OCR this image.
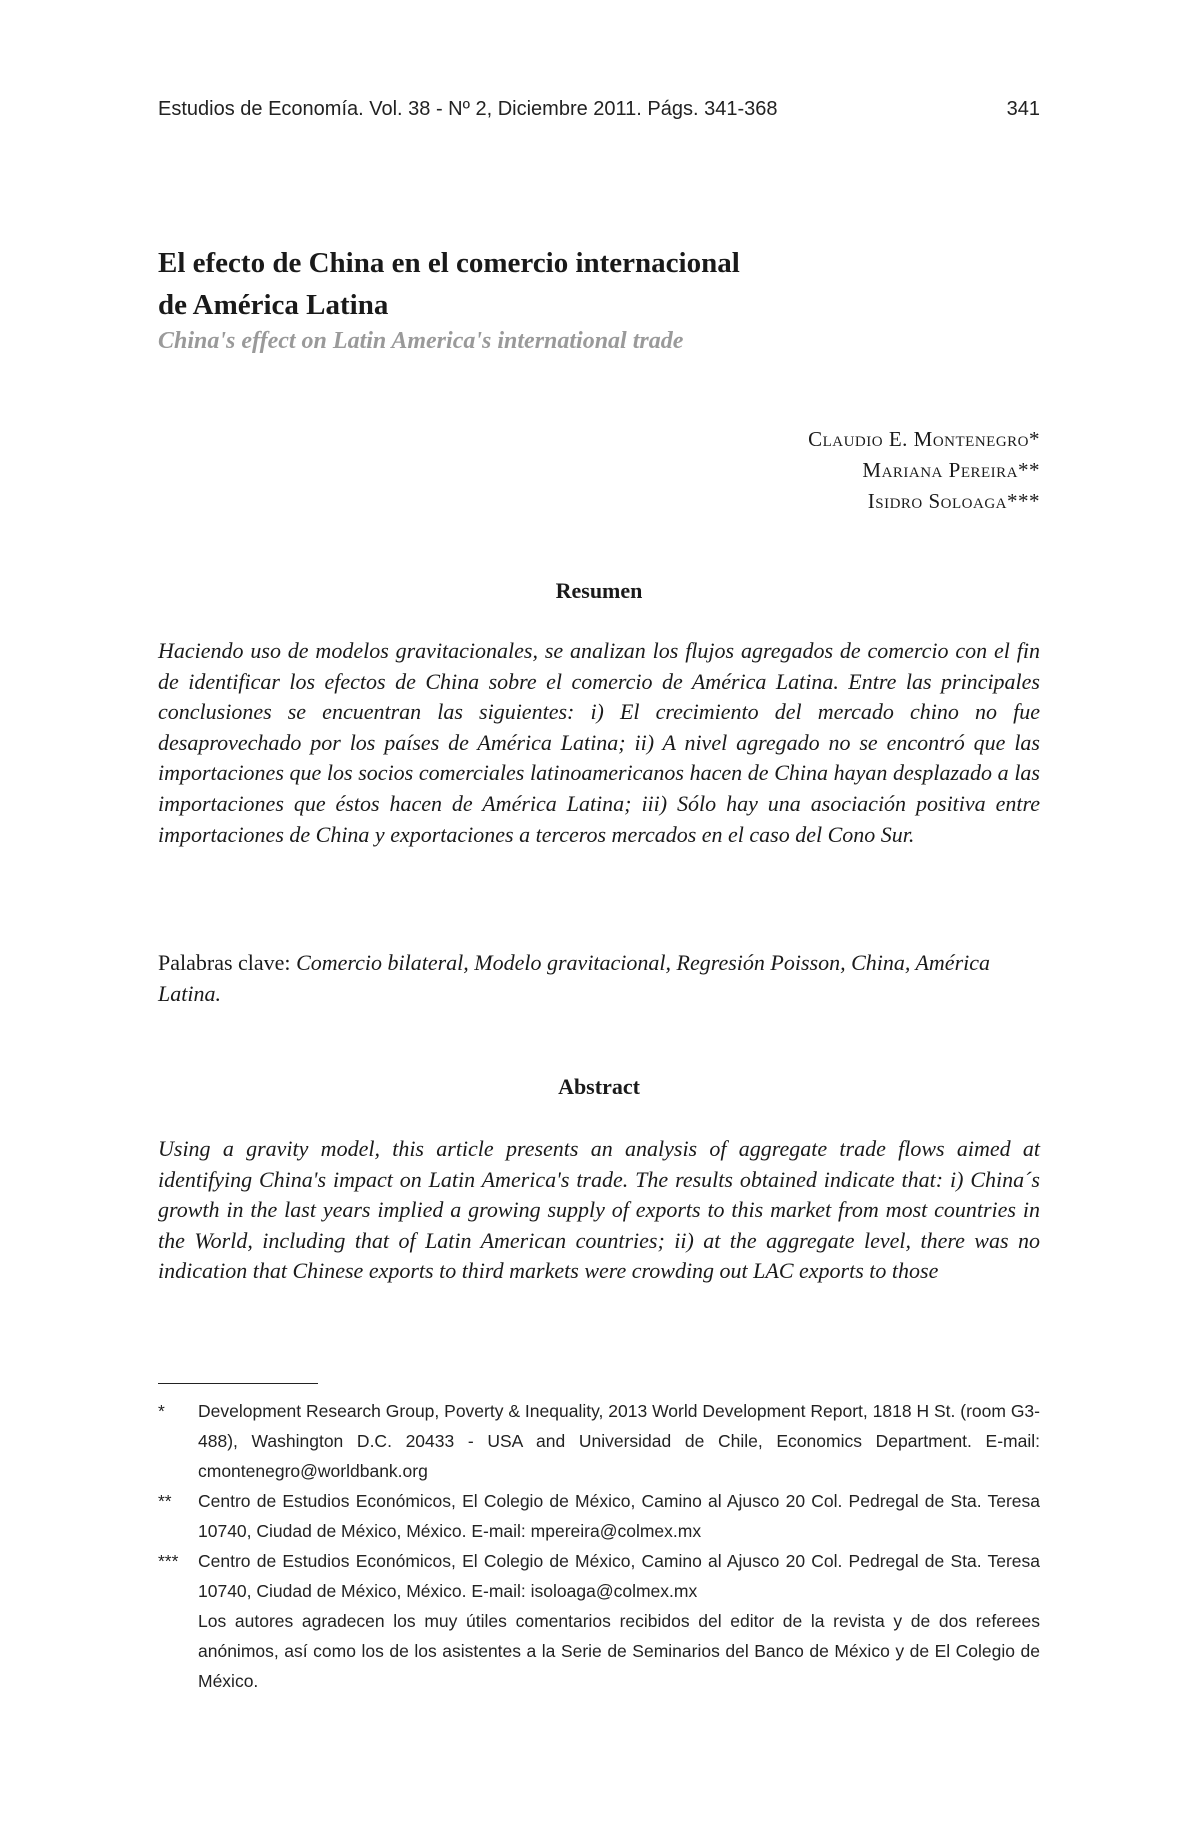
Estudios de Economía. Vol. 38 - Nº 2, Diciembre 2011. Págs. 341-368	341
El efecto de China en el comercio internacional
de América Latina
China's effect on Latin America's international trade
Claudio E. Montenegro*
Mariana Pereira**
Isidro Soloaga***
Resumen
Haciendo uso de modelos gravitacionales, se analizan los flujos agregados de comercio con el fin de identificar los efectos de China sobre el comercio de América Latina. Entre las principales conclusiones se encuentran las siguientes: i) El crecimiento del mercado chino no fue desaprovechado por los países de América Latina; ii) A nivel agregado no se encontró que las importaciones que los socios comerciales latinoamericanos hacen de China hayan desplazado a las importaciones que éstos hacen de América Latina; iii) Sólo hay una asociación positiva entre importaciones de China y exportaciones a terceros mercados en el caso del Cono Sur.
Palabras clave: Comercio bilateral, Modelo gravitacional, Regresión Poisson, China, América Latina.
Abstract
Using a gravity model, this article presents an analysis of aggregate trade flows aimed at identifying China's impact on Latin America's trade. The results obtained indicate that: i) China´s growth in the last years implied a growing supply of exports to this market from most countries in the World, including that of Latin American countries; ii) at the aggregate level, there was no indication that Chinese exports to third markets were crowding out LAC exports to those
*	Development Research Group, Poverty & Inequality, 2013 World Development Report, 1818 H St. (room G3-488), Washington D.C. 20433 - USA and Universidad de Chile, Economics Department. E-mail: cmontenegro@worldbank.org
**	Centro de Estudios Económicos, El Colegio de México, Camino al Ajusco 20 Col. Pedregal de Sta. Teresa 10740, Ciudad de México, México. E-mail: mpereira@colmex.mx
***	Centro de Estudios Económicos, El Colegio de México, Camino al Ajusco 20 Col. Pedregal de Sta. Teresa 10740, Ciudad de México, México. E-mail: isoloaga@colmex.mx
Los autores agradecen los muy útiles comentarios recibidos del editor de la revista y de dos referees anónimos, así como los de los asistentes a la Serie de Seminarios del Banco de México y de El Colegio de México.
